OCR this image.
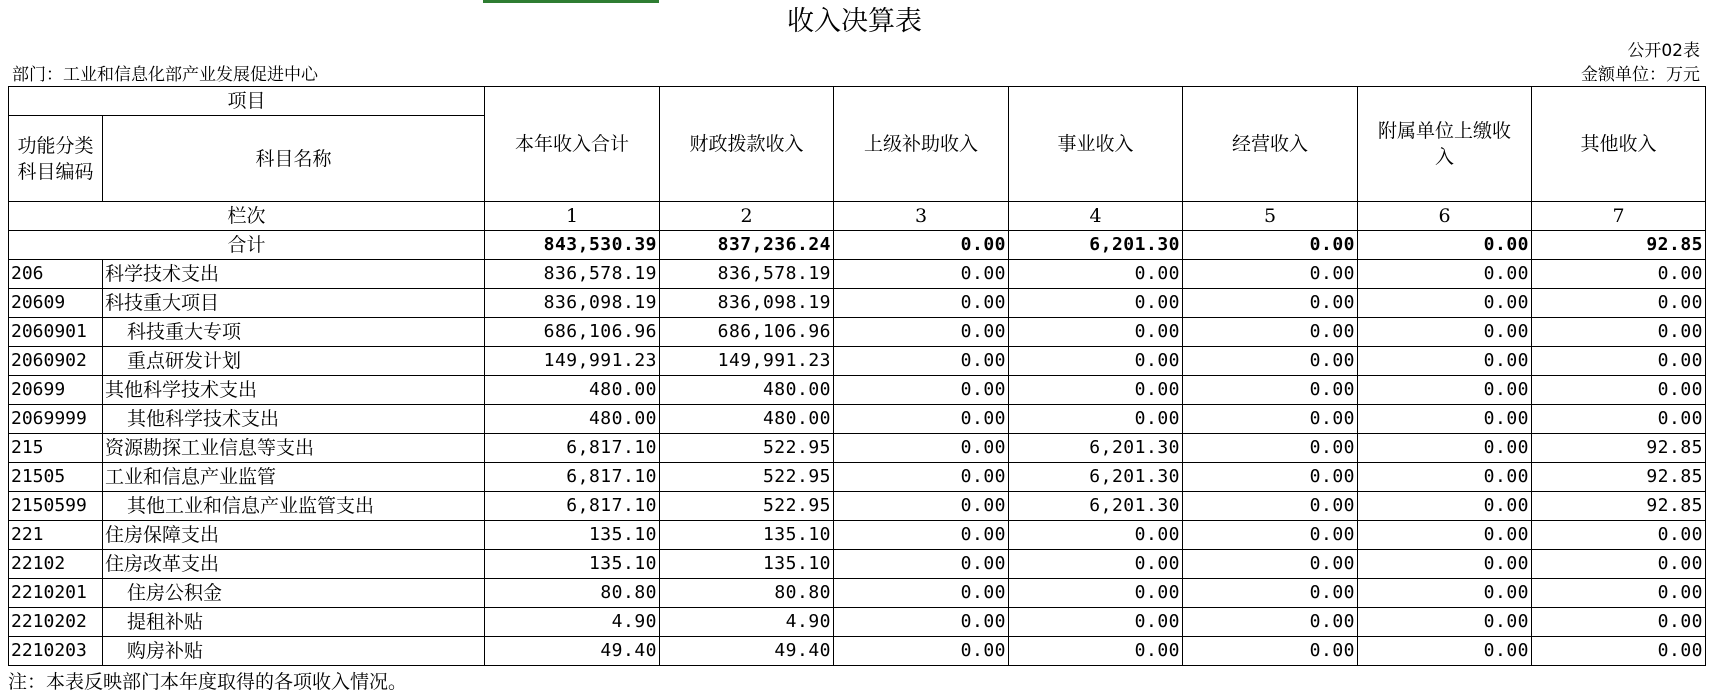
收入决算表
公开02表
部门：工业和信息化部产业发展促进中心	金额单位：万元
项目		本年收入合计	财政拨款收入	上级补助收入	事业收入	经营收入	附属单位上缴收入	其他收入
功能分类科目编码	科目名称							
栏次		1	2	3	4	5	6	7
合计		843,530.39	837,236.24	0.00	6,201.30	0.00	0.00	92.85
206	科学技术支出	836,578.19	836,578.19	0.00	0.00	0.00	0.00	0.00
20609	科技重大项目	836,098.19	836,098.19	0.00	0.00	0.00	0.00	0.00
2060901	科技重大专项	686,106.96	686,106.96	0.00	0.00	0.00	0.00	0.00
2060902	重点研发计划	149,991.23	149,991.23	0.00	0.00	0.00	0.00	0.00
20699	其他科学技术支出	480.00	480.00	0.00	0.00	0.00	0.00	0.00
2069999	其他科学技术支出	480.00	480.00	0.00	0.00	0.00	0.00	0.00
215	资源勘探工业信息等支出	6,817.10	522.95	0.00	6,201.30	0.00	0.00	92.85
21505	工业和信息产业监管	6,817.10	522.95	0.00	6,201.30	0.00	0.00	92.85
2150599	其他工业和信息产业监管支出	6,817.10	522.95	0.00	6,201.30	0.00	0.00	92.85
221	住房保障支出	135.10	135.10	0.00	0.00	0.00	0.00	0.00
22102	住房改革支出	135.10	135.10	0.00	0.00	0.00	0.00	0.00
2210201	住房公积金	80.80	80.80	0.00	0.00	0.00	0.00	0.00
2210202	提租补贴	4.90	4.90	0.00	0.00	0.00	0.00	0.00
2210203	购房补贴	49.40	49.40	0.00	0.00	0.00	0.00	0.00
注：本表反映部门本年度取得的各项收入情况。
